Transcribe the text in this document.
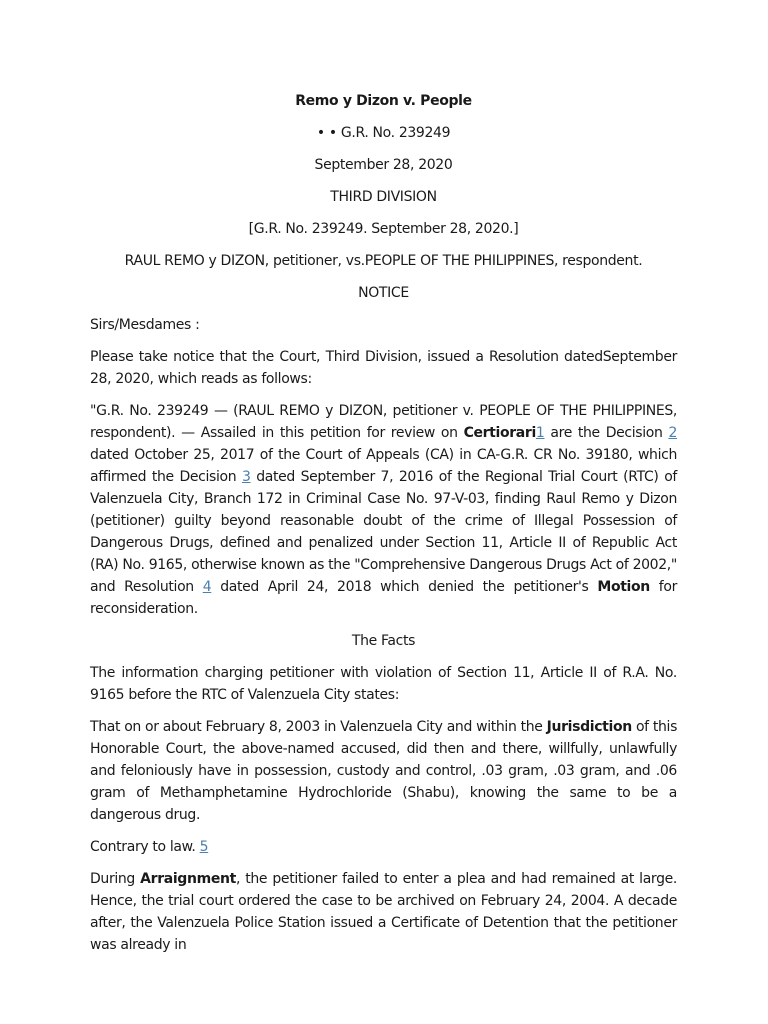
Remo y Dizon v. People

• • G.R. No. 239249

September 28, 2020

THIRD DIVISION

[G.R. No. 239249. September 28, 2020.]

RAUL REMO y DIZON, petitioner, vs.PEOPLE OF THE PHILIPPINES, respondent.

NOTICE

Sirs/Mesdames :

Please take notice that the Court, Third Division, issued a Resolution datedSeptember 28, 2020, which reads as follows:

"G.R. No. 239249 — (RAUL REMO y DIZON, petitioner v. PEOPLE OF THE PHILIPPINES, respondent). — Assailed in this petition for review on Certiorari1 are the Decision 2 dated October 25, 2017 of the Court of Appeals (CA) in CA-G.R. CR No. 39180, which affirmed the Decision 3 dated September 7, 2016 of the Regional Trial Court (RTC) of Valenzuela City, Branch 172 in Criminal Case No. 97-V-03, finding Raul Remo y Dizon (petitioner) guilty beyond reasonable doubt of the crime of Illegal Possession of Dangerous Drugs, defined and penalized under Section 11, Article II of Republic Act (RA) No. 9165, otherwise known as the "Comprehensive Dangerous Drugs Act of 2002," and Resolution 4 dated April 24, 2018 which denied the petitioner's Motion for reconsideration.

The Facts

The information charging petitioner with violation of Section 11, Article II of R.A. No. 9165 before the RTC of Valenzuela City states:

That on or about February 8, 2003 in Valenzuela City and within the Jurisdiction of this Honorable Court, the above-named accused, did then and there, willfully, unlawfully and feloniously have in possession, custody and control, .03 gram, .03 gram, and .06 gram of Methamphetamine Hydrochloride (Shabu), knowing the same to be a dangerous drug.

Contrary to law. 5

During Arraignment, the petitioner failed to enter a plea and had remained at large. Hence, the trial court ordered the case to be archived on February 24, 2004. A decade after, the Valenzuela Police Station issued a Certificate of Detention that the petitioner was already in
